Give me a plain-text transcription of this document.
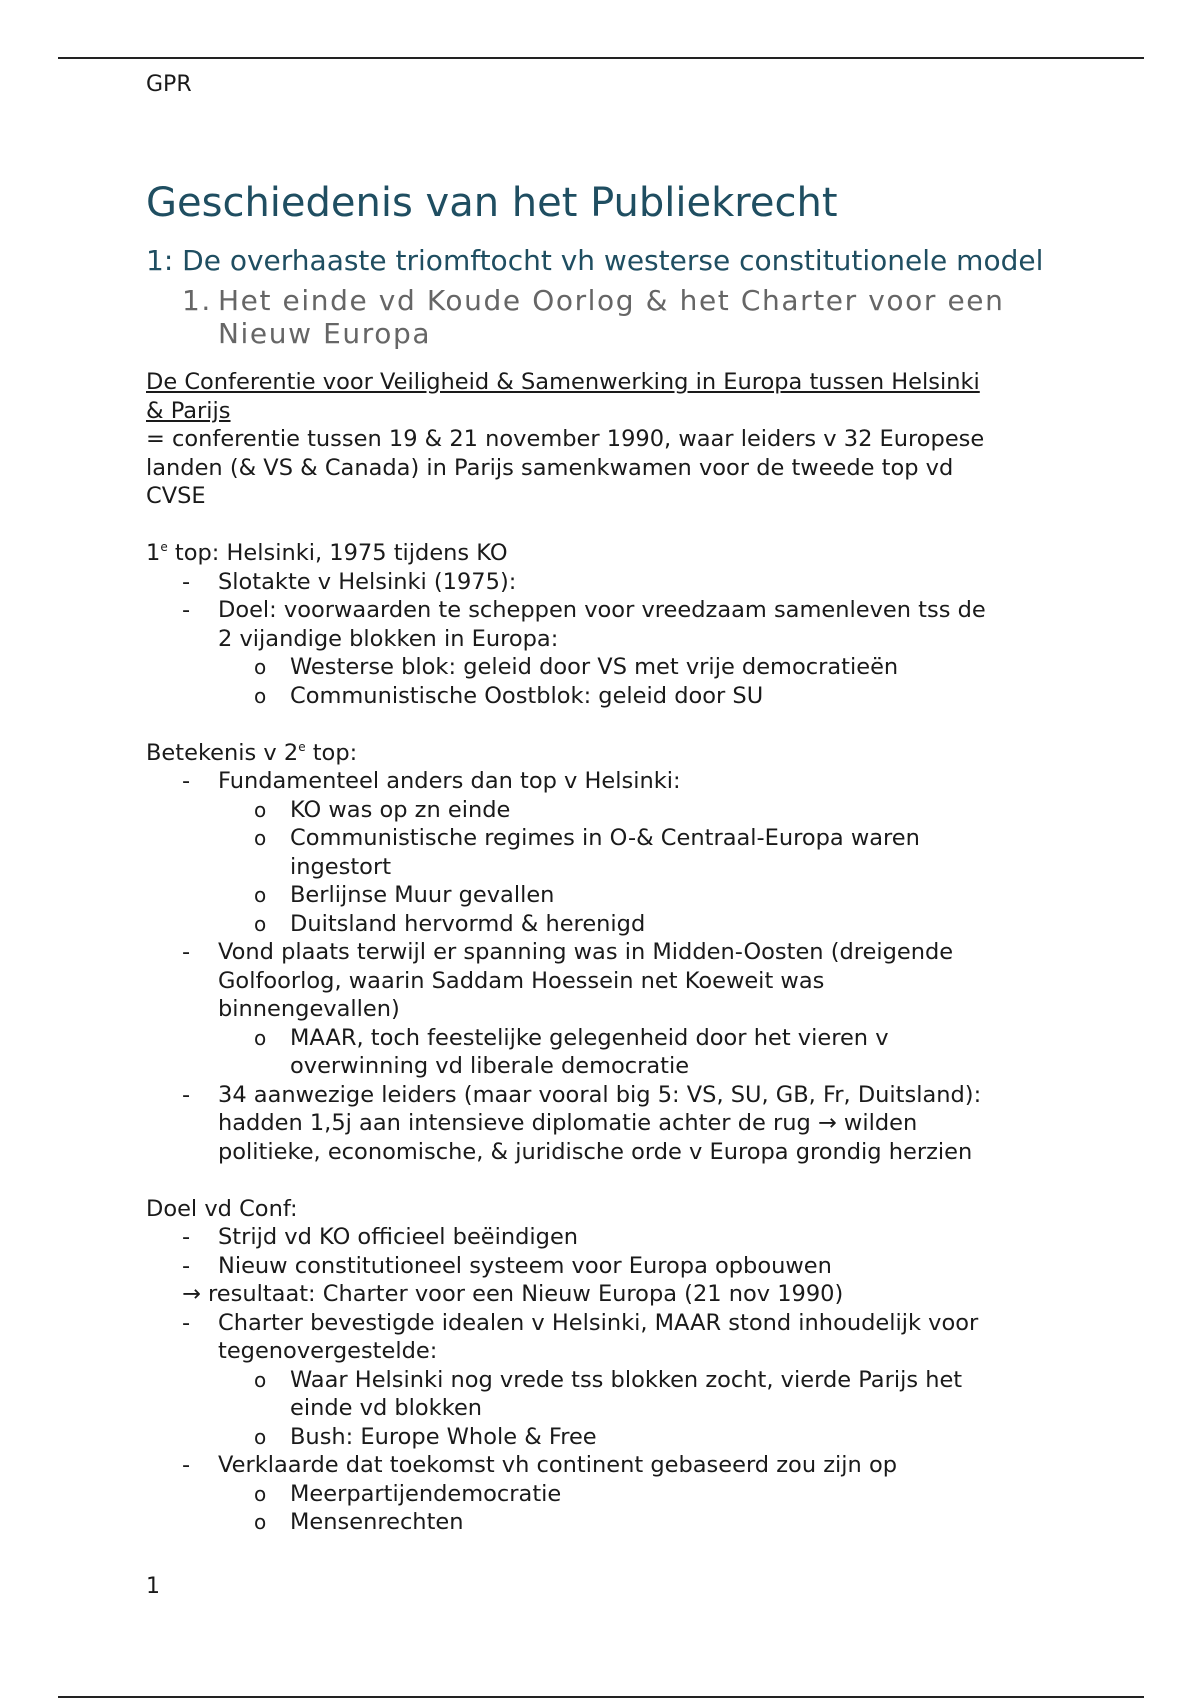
GPR
Geschiedenis van het Publiekrecht
1: De overhaaste triomftocht vh westerse constitutionele model
1. Het einde vd Koude Oorlog & het Charter voor een
Nieuw Europa
De Conferentie voor Veiligheid & Samenwerking in Europa tussen Helsinki
& Parijs
= conferentie tussen 19 & 21 november 1990, waar leiders v 32 Europese
landen (& VS & Canada) in Parijs samenkwamen voor de tweede top vd
CVSE
1e top: Helsinki, 1975 tijdens KO
- Slotakte v Helsinki (1975):
- Doel: voorwaarden te scheppen voor vreedzaam samenleven tss de
2 vijandige blokken in Europa:
o Westerse blok: geleid door VS met vrije democratieën
o Communistische Oostblok: geleid door SU
Betekenis v 2e top:
- Fundamenteel anders dan top v Helsinki:
o KO was op zn einde
o Communistische regimes in O-& Centraal-Europa waren
ingestort
o Berlijnse Muur gevallen
o Duitsland hervormd & herenigd
- Vond plaats terwijl er spanning was in Midden-Oosten (dreigende
Golfoorlog, waarin Saddam Hoessein net Koeweit was
binnengevallen)
o MAAR, toch feestelijke gelegenheid door het vieren v
overwinning vd liberale democratie
- 34 aanwezige leiders (maar vooral big 5: VS, SU, GB, Fr, Duitsland):
hadden 1,5j aan intensieve diplomatie achter de rug → wilden
politieke, economische, & juridische orde v Europa grondig herzien
Doel vd Conf:
- Strijd vd KO officieel beëindigen
- Nieuw constitutioneel systeem voor Europa opbouwen
→ resultaat: Charter voor een Nieuw Europa (21 nov 1990)
- Charter bevestigde idealen v Helsinki, MAAR stond inhoudelijk voor
tegenovergestelde:
o Waar Helsinki nog vrede tss blokken zocht, vierde Parijs het
einde vd blokken
o Bush: Europe Whole & Free
- Verklaarde dat toekomst vh continent gebaseerd zou zijn op
o Meerpartijendemocratie
o Mensenrechten
1
